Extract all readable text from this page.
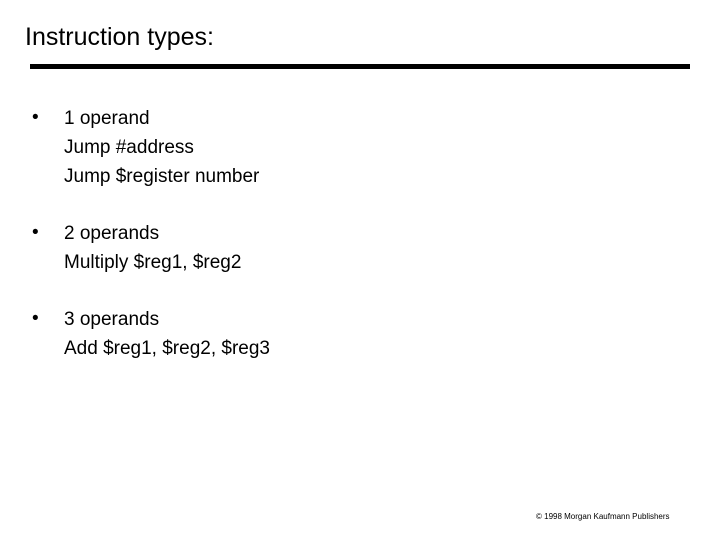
Instruction types:
• 1 operand
Jump #address
Jump $register number
• 2 operands
Multiply $reg1, $reg2
• 3 operands
Add $reg1, $reg2, $reg3
© 1998 Morgan Kaufmann Publishers
